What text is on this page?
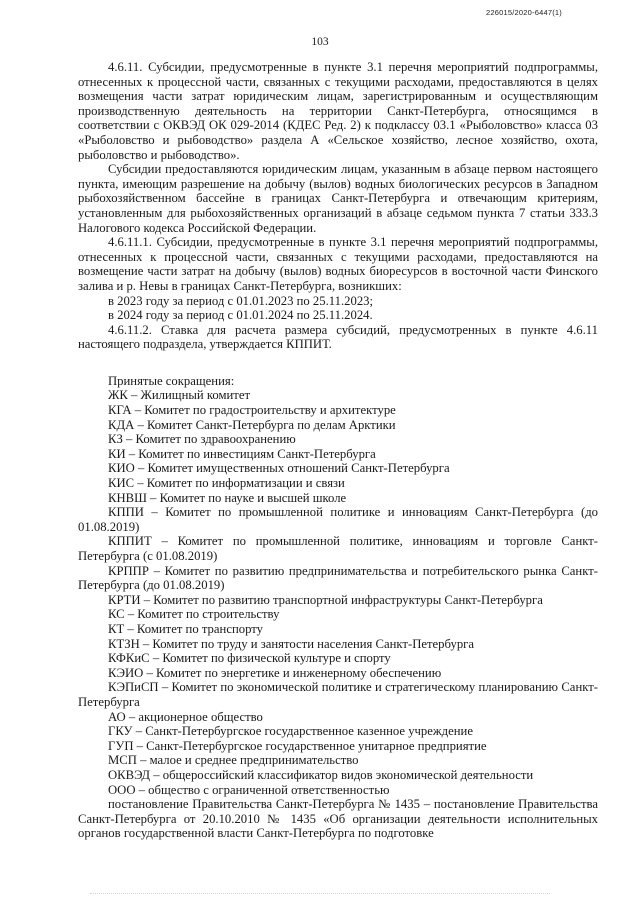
226015/2020-6447(1)
103

4.6.11. Субсидии, предусмотренные в пункте 3.1 перечня мероприятий подпрограммы, отнесенных к процессной части, связанных с текущими расходами, предоставляются в целях возмещения части затрат юридическим лицам, зарегистрированным и осуществляющим производственную деятельность на территории Санкт-Петербурга, относящимся в соответствии с ОКВЭД ОК 029-2014 (КДЕС Ред. 2) к подклассу 03.1 «Рыболовство» класса 03 «Рыболовство и рыбоводство» раздела А «Сельское хозяйство, лесное хозяйство, охота, рыболовство и рыбоводство».

Субсидии предоставляются юридическим лицам, указанным в абзаце первом настоящего пункта, имеющим разрешение на добычу (вылов) водных биологических ресурсов в Западном рыбохозяйственном бассейне в границах Санкт-Петербурга и отвечающим критериям, установленным для рыбохозяйственных организаций в абзаце седьмом пункта 7 статьи 333.3 Налогового кодекса Российской Федерации.

4.6.11.1. Субсидии, предусмотренные в пункте 3.1 перечня мероприятий подпрограммы, отнесенных к процессной части, связанных с текущими расходами, предоставляются на возмещение части затрат на добычу (вылов) водных биоресурсов в восточной части Финского залива и р. Невы в границах Санкт-Петербурга, возникших:

в 2023 году за период с 01.01.2023 по 25.11.2023;

в 2024 году за период с 01.01.2024 по 25.11.2024.

4.6.11.2. Ставка для расчета размера субсидий, предусмотренных в пункте 4.6.11 настоящего подраздела, утверждается КППИТ.

Принятые сокращения:

ЖК – Жилищный комитет
КГА – Комитет по градостроительству и архитектуре
КДА – Комитет Санкт-Петербурга по делам Арктики
КЗ – Комитет по здравоохранению
КИ – Комитет по инвестициям Санкт-Петербурга
КИО – Комитет имущественных отношений Санкт-Петербурга
КИС – Комитет по информатизации и связи
КНВШ – Комитет по науке и высшей школе
КППИ – Комитет по промышленной политике и инновациям Санкт-Петербурга (до 01.08.2019)
КППИТ – Комитет по промышленной политике, инновациям и торговле Санкт-Петербурга (с 01.08.2019)
КРППР – Комитет по развитию предпринимательства и потребительского рынка Санкт-Петербурга (до 01.08.2019)
КРТИ – Комитет по развитию транспортной инфраструктуры Санкт-Петербурга
КС – Комитет по строительству
КТ – Комитет по транспорту
КТЗН – Комитет по труду и занятости населения Санкт-Петербурга
КФКиС – Комитет по физической культуре и спорту
КЭИО – Комитет по энергетике и инженерному обеспечению
КЭПиСП – Комитет по экономической политике и стратегическому планированию Санкт-Петербурга
АО – акционерное общество
ГКУ – Санкт-Петербургское государственное казенное учреждение
ГУП – Санкт-Петербургское государственное унитарное предприятие
МСП – малое и среднее предпринимательство
ОКВЭД – общероссийский классификатор видов экономической деятельности
ООО – общество с ограниченной ответственностью
постановление Правительства Санкт-Петербурга № 1435 – постановление Правительства Санкт-Петербурга от 20.10.2010 № 1435 «Об организации деятельности исполнительных органов государственной власти Санкт-Петербурга по подготовке
